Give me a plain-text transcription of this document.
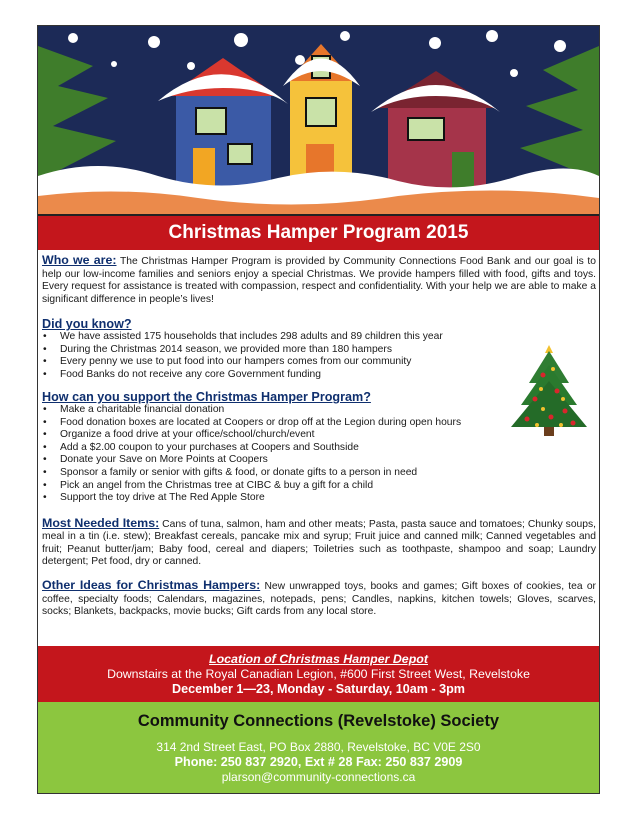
Christmas Hamper Program 2015
Who we are: The Christmas Hamper Program is provided by Community Connections Food Bank and our goal is to help our low-income families and seniors enjoy a special Christmas. We provide hampers filled with food, gifts and toys. Every request for assistance is treated with compassion, respect and confidentiality. With your help we are able to make a significant difference in people’s lives!
Did you know?
• We have assisted 175 households that includes 298 adults and 89 children this year
• During the Christmas 2014 season, we provided more than 180 hampers
• Every penny we use to put food into our hampers comes from our community
• Food Banks do not receive any core Government funding
How can you support the Christmas Hamper Program?
• Make a charitable financial donation
• Food donation boxes are located at Coopers or drop off at the Legion during open hours
• Organize a food drive at your office/school/church/event
• Add a $2.00 coupon to your purchases at Coopers and Southside
• Donate your Save on More Points at Coopers
• Sponsor a family or senior with gifts & food, or donate gifts to a person in need
• Pick an angel from the Christmas tree at CIBC & buy a gift for a child
• Support the toy drive at The Red Apple Store
Most Needed Items: Cans of tuna, salmon, ham and other meats; Pasta, pasta sauce and tomatoes; Chunky soups, meal in a tin (i.e. stew); Breakfast cereals, pancake mix and syrup; Fruit juice and canned milk; Canned vegetables and fruit; Peanut butter/jam; Baby food, cereal and diapers; Toiletries such as toothpaste, shampoo and soap; Laundry detergent; Pet food, dry or canned.
Other Ideas for Christmas Hampers: New unwrapped toys, books and games; Gift boxes of cookies, tea or coffee, specialty foods; Calendars, magazines, notepads, pens; Candles, napkins, kitchen towels; Gloves, scarves, socks; Blankets, backpacks, movie bucks; Gift cards from any local store.
Location of Christmas Hamper Depot
Downstairs at the Royal Canadian Legion, #600 First Street West, Revelstoke
December 1—23, Monday - Saturday, 10am - 3pm
Community Connections (Revelstoke) Society
314 2nd Street East, PO Box 2880, Revelstoke, BC V0E 2S0
Phone: 250 837 2920, Ext # 28 Fax: 250 837 2909
plarson@community-connections.ca
